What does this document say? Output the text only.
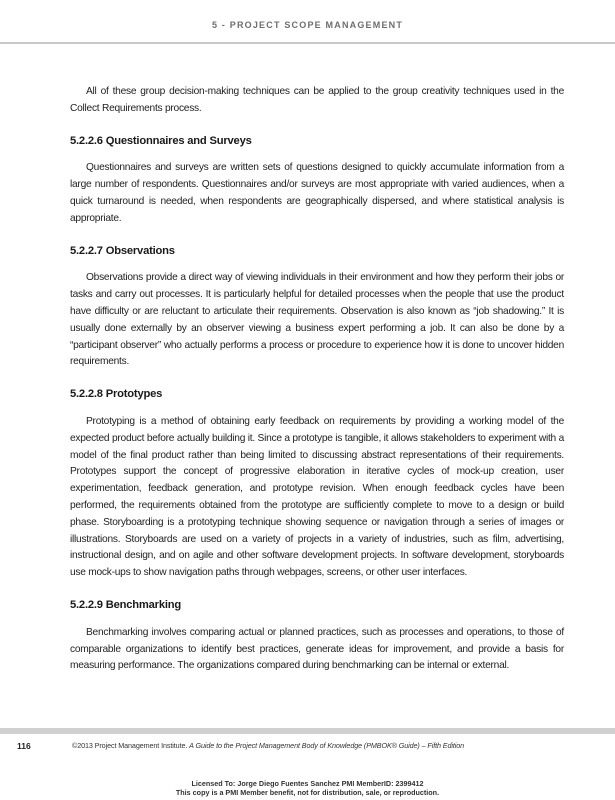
5 - PROJECT SCOPE MANAGEMENT

All of these group decision-making techniques can be applied to the group creativity techniques used in the Collect Requirements process.

5.2.2.6 Questionnaires and Surveys

Questionnaires and surveys are written sets of questions designed to quickly accumulate information from a large number of respondents. Questionnaires and/or surveys are most appropriate with varied audiences, when a quick turnaround is needed, when respondents are geographically dispersed, and where statistical analysis is appropriate.

5.2.2.7 Observations

Observations provide a direct way of viewing individuals in their environment and how they perform their jobs or tasks and carry out processes. It is particularly helpful for detailed processes when the people that use the product have difficulty or are reluctant to articulate their requirements. Observation is also known as “job shadowing.” It is usually done externally by an observer viewing a business expert performing a job. It can also be done by a “participant observer” who actually performs a process or procedure to experience how it is done to uncover hidden requirements.

5.2.2.8 Prototypes

Prototyping is a method of obtaining early feedback on requirements by providing a working model of the expected product before actually building it. Since a prototype is tangible, it allows stakeholders to experiment with a model of the final product rather than being limited to discussing abstract representations of their requirements. Prototypes support the concept of progressive elaboration in iterative cycles of mock-up creation, user experimentation, feedback generation, and prototype revision. When enough feedback cycles have been performed, the requirements obtained from the prototype are sufficiently complete to move to a design or build phase. Storyboarding is a prototyping technique showing sequence or navigation through a series of images or illustrations. Storyboards are used on a variety of projects in a variety of industries, such as film, advertising, instructional design, and on agile and other software development projects. In software development, storyboards use mock-ups to show navigation paths through webpages, screens, or other user interfaces.

5.2.2.9 Benchmarking

Benchmarking involves comparing actual or planned practices, such as processes and operations, to those of comparable organizations to identify best practices, generate ideas for improvement, and provide a basis for measuring performance. The organizations compared during benchmarking can be internal or external.

116	©2013 Project Management Institute. A Guide to the Project Management Body of Knowledge (PMBOK® Guide) – Fifth Edition
Licensed To: Jorge Diego Fuentes Sanchez PMI MemberID: 2399412
This copy is a PMI Member benefit, not for distribution, sale, or reproduction.
